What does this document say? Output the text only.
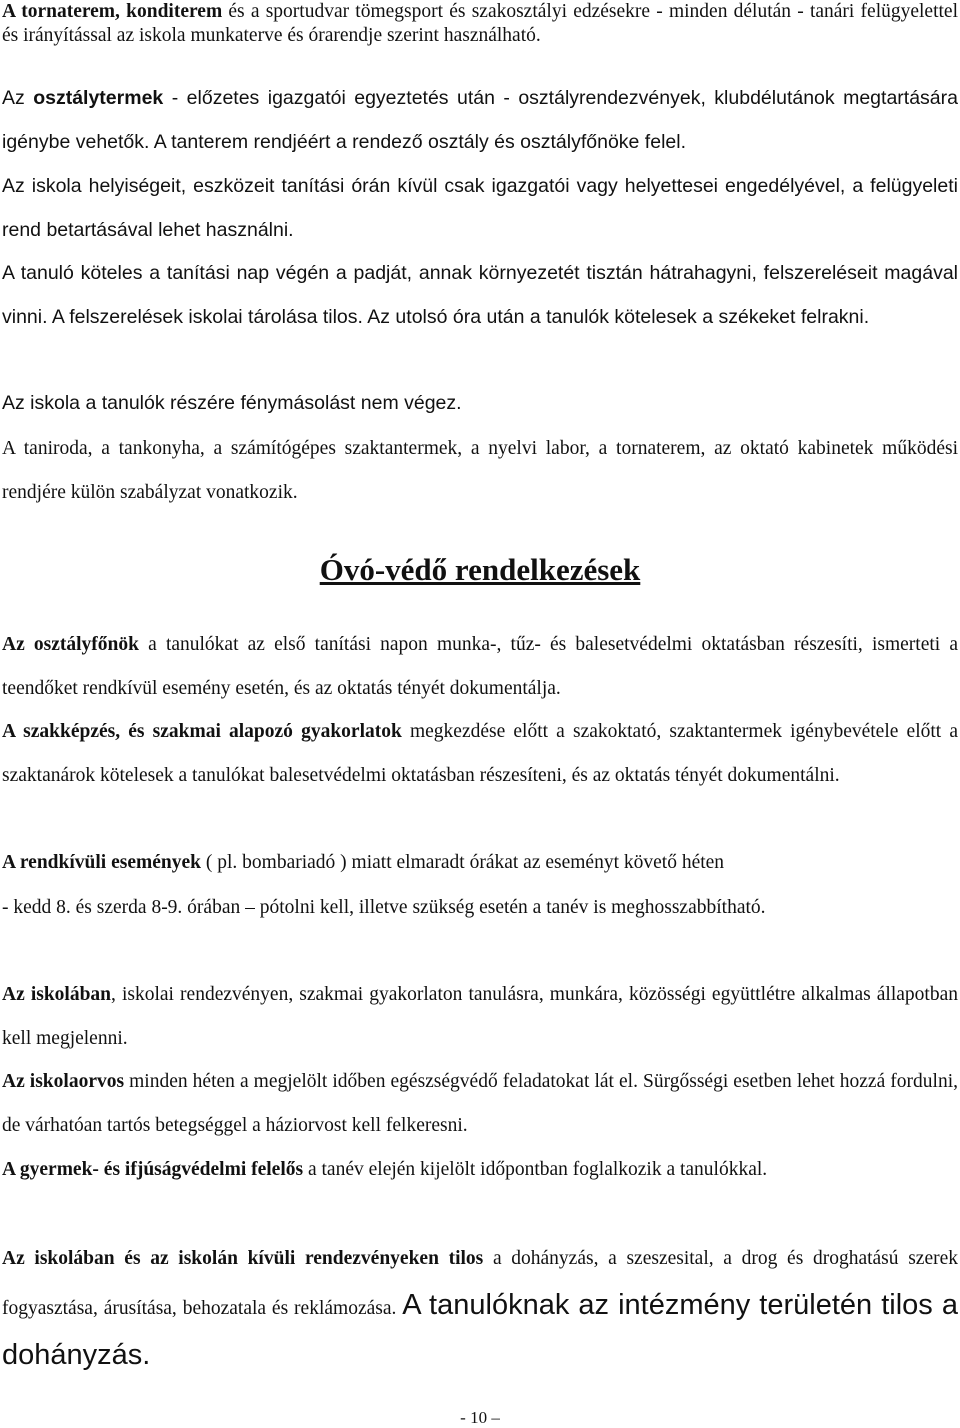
A tornaterem, konditerem és a sportudvar tömegsport és szakosztályi edzésekre - minden délután - tanári felügyelettel és irányítással az iskola munkaterve és órarendje szerint használható.

Az osztálytermek - előzetes igazgatói egyeztetés után - osztályrendezvények, klubdélutánok megtartására igénybe vehetők. A tanterem rendjéért a rendező osztály és osztályfőnöke felel.

Az iskola helyiségeit, eszközeit tanítási órán kívül csak igazgatói vagy helyettesei engedélyével, a felügyeleti rend betartásával lehet használni.

A tanuló köteles a tanítási nap végén a padját, annak környezetét tisztán hátrahagyni, felszereléseit magával vinni. A felszerelések iskolai tárolása tilos. Az utolsó óra után a tanulók kötelesek a székeket felrakni.

Az iskola a tanulók részére fénymásolást nem végez.

A taniroda, a tankonyha, a számítógépes szaktantermek, a nyelvi labor, a tornaterem, az oktató kabinetek működési rendjére külön szabályzat vonatkozik.

Óvó-védő rendelkezések

Az osztályfőnök a tanulókat az első tanítási napon munka-, tűz- és balesetvédelmi oktatásban részesíti, ismerteti a teendőket rendkívül esemény esetén, és az oktatás tényét dokumentálja.

A szakképzés, és szakmai alapozó gyakorlatok megkezdése előtt a szakoktató, szaktantermek igénybevétele előtt a szaktanárok kötelesek a tanulókat balesetvédelmi oktatásban részesíteni, és az oktatás tényét dokumentálni.

A rendkívüli események ( pl. bombariadó ) miatt elmaradt órákat az eseményt követő héten

- kedd 8. és szerda 8-9. órában – pótolni kell, illetve szükség esetén a tanév is meghosszabbítható.

Az iskolában, iskolai rendezvényen, szakmai gyakorlaton tanulásra, munkára, közösségi együttlétre alkalmas állapotban kell megjelenni.

Az iskolaorvos minden héten a megjelölt időben egészségvédő feladatokat lát el. Sürgősségi esetben lehet hozzá fordulni, de várhatóan tartós betegséggel a háziorvost kell felkeresni.

A gyermek- és ifjúságvédelmi felelős a tanév elején kijelölt időpontban foglalkozik a tanulókkal.

Az iskolában és az iskolán kívüli rendezvényeken tilos a dohányzás, a szeszesital, a drog és droghatású szerek fogyasztása, árusítása, behozatala és reklámozása. A tanulóknak az intézmény területén tilos a dohányzás.

- 10 –
